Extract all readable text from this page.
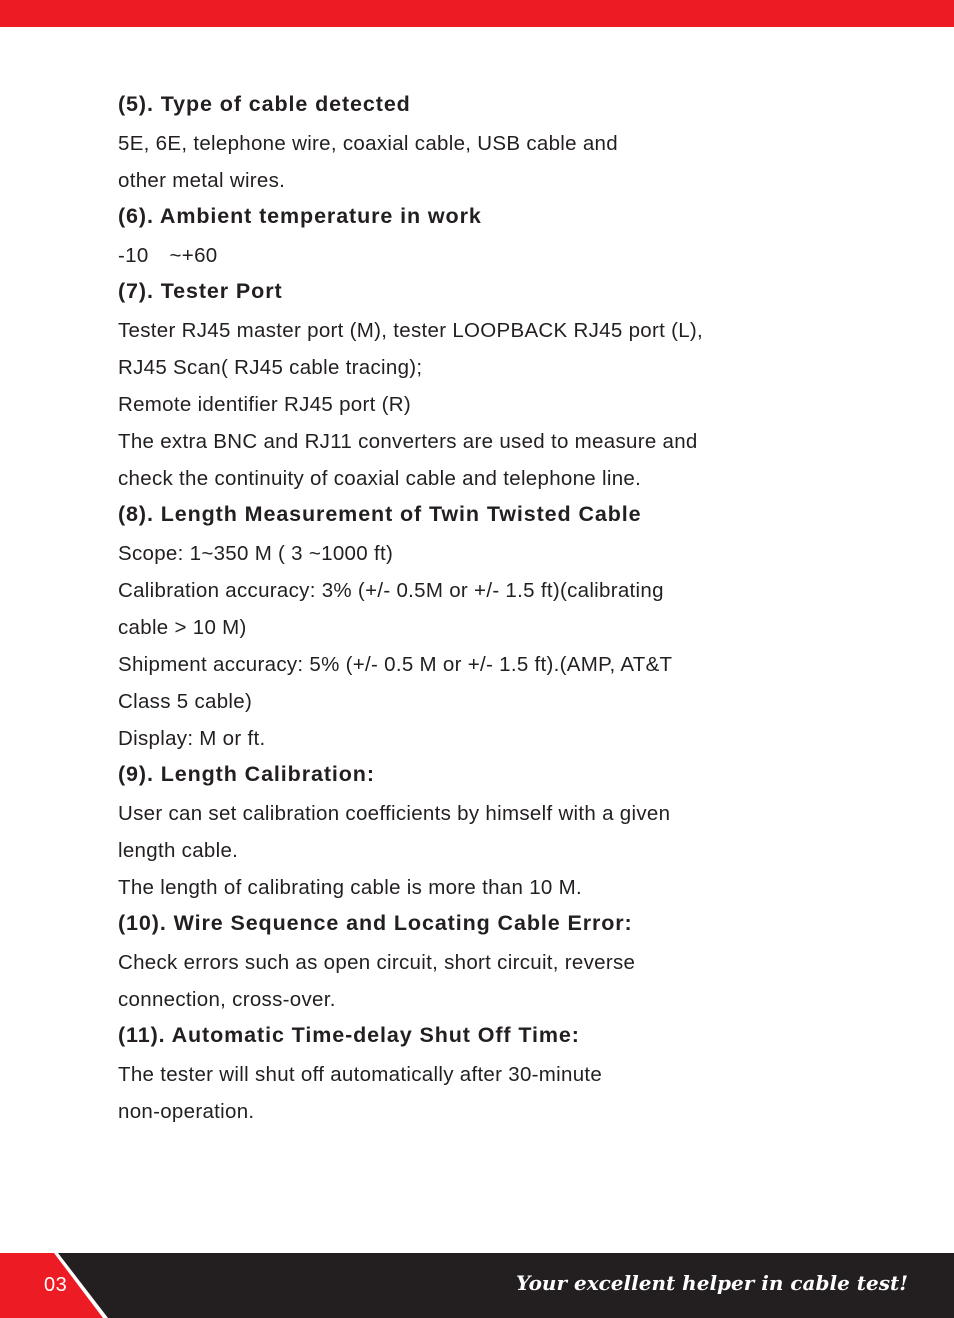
(5). Type of cable detected
5E, 6E, telephone wire, coaxial cable, USB cable and
other metal wires.
(6). Ambient temperature in work
-10 ~+60
(7). Tester Port
Tester RJ45 master port (M), tester LOOPBACK RJ45 port (L),
RJ45 Scan( RJ45 cable tracing);
Remote identifier RJ45 port (R)
The extra BNC and RJ11 converters are used to measure and
check the continuity of coaxial cable and telephone line.
(8). Length Measurement of Twin Twisted Cable
Scope: 1~350 M ( 3 ~1000 ft)
Calibration accuracy: 3% (+/- 0.5M or +/- 1.5 ft)(calibrating
cable > 10 M)
Shipment accuracy: 5% (+/- 0.5 M or +/- 1.5 ft).(AMP, AT&T
Class 5 cable)
Display: M or ft.
(9). Length Calibration:
User can set calibration coefficients by himself with a given
length cable.
The length of calibrating cable is more than 10 M.
(10). Wire Sequence and Locating Cable Error:
Check errors such as open circuit, short circuit, reverse
connection, cross-over.
(11). Automatic Time-delay Shut Off Time:
The tester will shut off automatically after 30-minute
non-operation.
03	Your excellent helper in cable test!
